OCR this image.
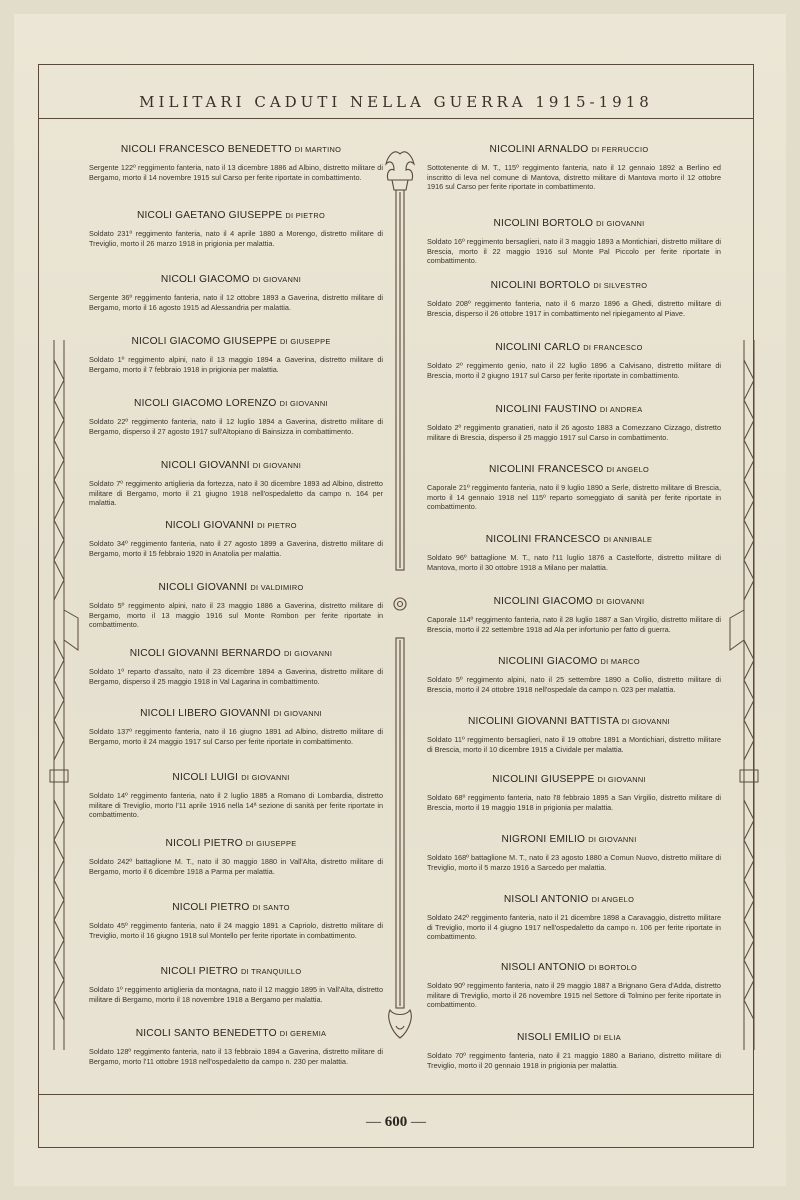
MILITARI CADUTI NELLA GUERRA 1915-1918
— 600 —
NICOLI FRANCESCO BENEDETTO DI MARTINO
Sergente 122º reggimento fanteria, nato il 13 dicembre 1886 ad Albino, distretto militare di Bergamo, morto il 14 novembre 1915 sul Carso per ferite riportate in combattimento.
NICOLI GAETANO GIUSEPPE DI PIETRO
Soldato 231º reggimento fanteria, nato il 4 aprile 1880 a Morengo, distretto militare di Treviglio, morto il 26 marzo 1918 in prigionia per malattia.
NICOLI GIACOMO DI GIOVANNI
Sergente 36º reggimento fanteria, nato il 12 ottobre 1893 a Gaverina, distretto militare di Bergamo, morto il 16 agosto 1915 ad Alessandria per malattia.
NICOLI GIACOMO GIUSEPPE DI GIUSEPPE
Soldato 1º reggimento alpini, nato il 13 maggio 1894 a Gaverina, distretto militare di Bergamo, morto il 7 febbraio 1918 in prigionia per malattia.
NICOLI GIACOMO LORENZO DI GIOVANNI
Soldato 22º reggimento fanteria, nato il 12 luglio 1894 a Gaverina, distretto militare di Bergamo, disperso il 27 agosto 1917 sull'Altopiano di Bainsizza in combattimento.
NICOLI GIOVANNI DI GIOVANNI
Soldato 7º reggimento artiglieria da fortezza, nato il 30 dicembre 1893 ad Albino, distretto militare di Bergamo, morto il 21 giugno 1918 nell'ospedaletto da campo n. 164 per malattia.
NICOLI GIOVANNI DI PIETRO
Soldato 34º reggimento fanteria, nato il 27 agosto 1899 a Gaverina, distretto militare di Bergamo, morto il 15 febbraio 1920 in Anatolia per malattia.
NICOLI GIOVANNI DI VALDIMIRO
Soldato 5º reggimento alpini, nato il 23 maggio 1886 a Gaverina, distretto militare di Bergamo, morto il 13 maggio 1916 sul Monte Rombon per ferite riportate in combattimento.
NICOLI GIOVANNI BERNARDO DI GIOVANNI
Soldato 1º reparto d'assalto, nato il 23 dicembre 1894 a Gaverina, distretto militare di Bergamo, disperso il 25 maggio 1918 in Val Lagarina in combattimento.
NICOLI LIBERO GIOVANNI DI GIOVANNI
Soldato 137º reggimento fanteria, nato il 16 giugno 1891 ad Albino, distretto militare di Bergamo, morto il 24 maggio 1917 sul Carso per ferite riportate in combattimento.
NICOLI LUIGI DI GIOVANNI
Soldato 14º reggimento fanteria, nato il 2 luglio 1885 a Romano di Lombardia, distretto militare di Treviglio, morto l'11 aprile 1916 nella 14ª sezione di sanità per ferite riportate in combattimento.
NICOLI PIETRO DI GIUSEPPE
Soldato 242º battaglione M. T., nato il 30 maggio 1880 in Vall'Alta, distretto militare di Bergamo, morto il 6 dicembre 1918 a Parma per malattia.
NICOLI PIETRO DI SANTO
Soldato 45º reggimento fanteria, nato il 24 maggio 1891 a Capriolo, distretto militare di Treviglio, morto il 16 giugno 1918 sul Montello per ferite riportate in combattimento.
NICOLI PIETRO DI TRANQUILLO
Soldato 1º reggimento artiglieria da montagna, nato il 12 maggio 1895 in Vall'Alta, distretto militare di Bergamo, morto il 18 novembre 1918 a Bergamo per malattia.
NICOLI SANTO BENEDETTO DI GEREMIA
Soldato 128º reggimento fanteria, nato il 13 febbraio 1894 a Gaverina, distretto militare di Bergamo, morto l'11 ottobre 1918 nell'ospedaletto da campo n. 230 per malattia.
NICOLINI ARNALDO DI FERRUCCIO
Sottotenente di M. T., 115º reggimento fanteria, nato il 12 gennaio 1892 a Berlino ed inscritto di leva nel comune di Mantova, distretto militare di Mantova morto il 12 ottobre 1916 sul Carso per ferite riportate in combattimento.
NICOLINI BORTOLO DI GIOVANNI
Soldato 16º reggimento bersaglieri, nato il 3 maggio 1893 a Montichiari, distretto militare di Brescia, morto il 22 maggio 1916 sul Monte Pal Piccolo per ferite riportate in combattimento.
NICOLINI BORTOLO DI SILVESTRO
Soldato 208º reggimento fanteria, nato il 6 marzo 1896 a Ghedi, distretto militare di Brescia, disperso il 26 ottobre 1917 in combattimento nel ripiegamento al Piave.
NICOLINI CARLO DI FRANCESCO
Soldato 2º reggimento genio, nato il 22 luglio 1896 a Calvisano, distretto militare di Brescia, morto il 2 giugno 1917 sul Carso per ferite riportate in combattimento.
NICOLINI FAUSTINO DI ANDREA
Soldato 2º reggimento granatieri, nato il 26 agosto 1883 a Comezzano Cizzago, distretto militare di Brescia, disperso il 25 maggio 1917 sul Carso in combattimento.
NICOLINI FRANCESCO DI ANGELO
Caporale 21º reggimento fanteria, nato il 9 luglio 1890 a Serle, distretto militare di Brescia, morto il 14 gennaio 1918 nel 115º reparto someggiato di sanità per ferite riportate in combattimento.
NICOLINI FRANCESCO DI ANNIBALE
Soldato 96º battaglione M. T., nato l'11 luglio 1876 a Castelforte, distretto militare di Mantova, morto il 30 ottobre 1918 a Milano per malattia.
NICOLINI GIACOMO DI GIOVANNI
Caporale 114º reggimento fanteria, nato il 28 luglio 1887 a San Virgilio, distretto militare di Brescia, morto il 22 settembre 1918 ad Ala per infortunio per fatto di guerra.
NICOLINI GIACOMO DI MARCO
Soldato 5º reggimento alpini, nato il 25 settembre 1890 a Collio, distretto militare di Brescia, morto il 24 ottobre 1918 nell'ospedale da campo n. 023 per malattia.
NICOLINI GIOVANNI BATTISTA DI GIOVANNI
Soldato 11º reggimento bersaglieri, nato il 19 ottobre 1891 a Montichiari, distretto militare di Brescia, morto il 10 dicembre 1915 a Cividale per malattia.
NICOLINI GIUSEPPE DI GIOVANNI
Soldato 68º reggimento fanteria, nato l'8 febbraio 1895 a San Virgilio, distretto militare di Brescia, morto il 19 maggio 1918 in prigionia per malattia.
NIGRONI EMILIO DI GIOVANNI
Soldato 168º battaglione M. T., nato il 23 agosto 1880 a Comun Nuovo, distretto militare di Treviglio, morto il 5 marzo 1916 a Sarcedo per malattia.
NISOLI ANTONIO DI ANGELO
Soldato 242º reggimento fanteria, nato il 21 dicembre 1898 a Caravaggio, distretto militare di Treviglio, morto il 4 giugno 1917 nell'ospedaletto da campo n. 106 per ferite riportate in combattimento.
NISOLI ANTONIO DI BORTOLO
Soldato 90º reggimento fanteria, nato il 29 maggio 1887 a Brignano Gera d'Adda, distretto militare di Treviglio, morto il 26 novembre 1915 nel Settore di Tolmino per ferite riportate in combattimento.
NISOLI EMILIO DI ELIA
Soldato 70º reggimento fanteria, nato il 21 maggio 1880 a Bariano, distretto militare di Treviglio, morto il 20 gennaio 1918 in prigionia per malattia.
